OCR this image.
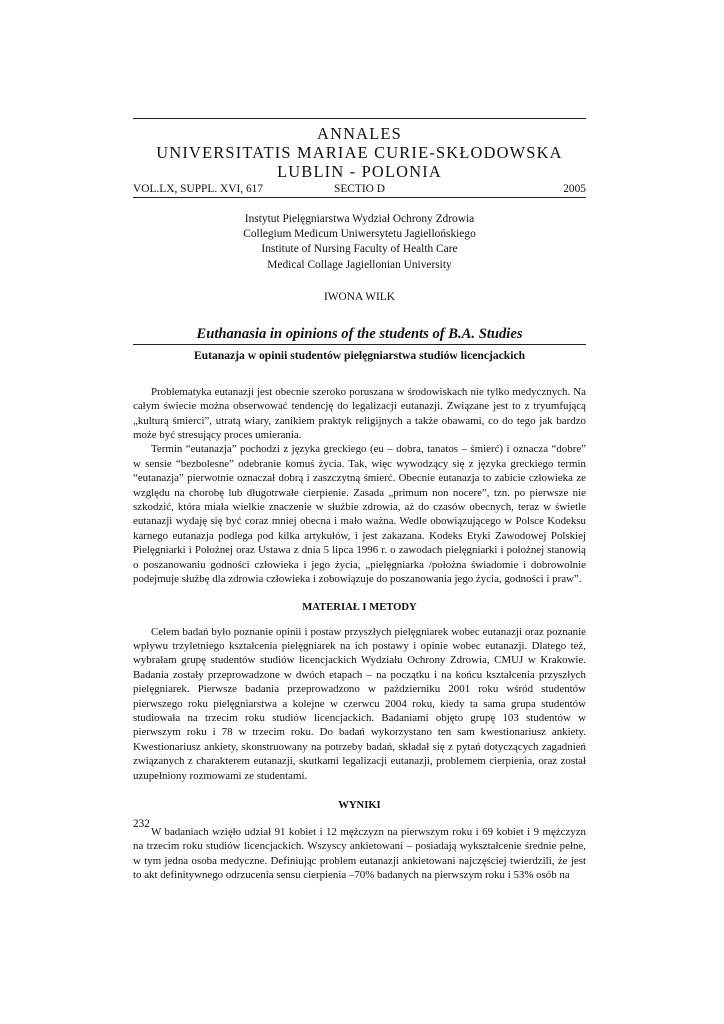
ANNALES
UNIVERSITATIS MARIAE CURIE-SKŁODOWSKA
LUBLIN - POLONIA
VOL.LX, SUPPL. XVI, 617	SECTIO D	2005
Instytut Pielęgniarstwa Wydział Ochrony Zdrowia
Collegium Medicum Uniwersytetu Jagiellońskiego
Institute of Nursing Faculty of Health Care
Medical Collage Jagiellonian University
IWONA WILK
Euthanasia in opinions of the students of B.A. Studies
Eutanazja w opinii studentów pielęgniarstwa studiów licencjackich

Problematyka eutanazji jest obecnie szeroko poruszana w środowiskach nie tylko medycznych. Na całym świecie można obserwować tendencję do legalizacji eutanazji. Związane jest to z tryumfującą „kulturą śmierci”, utratą wiary, zanikiem praktyk religijnych a także obawami, co do tego jak bardzo może być stresujący proces umierania.

Termin “eutanazja” pochodzi z języka greckiego (eu – dobra, tanatos – śmierć) i oznacza “dobre” w sensie “bezbolesne” odebranie komuś życia. Tak, więc wywodzący się z języka greckiego termin “eutanazja” pierwotnie oznaczał dobrą i zaszczytną śmierć. Obecnie eutanazja to zabicie człowieka ze względu na chorobę lub długotrwałe cierpienie. Zasada „primum non nocere”, tzn. po pierwsze nie szkodzić, która miała wielkie znaczenie w służbie zdrowia, aż do czasów obecnych, teraz w świetle eutanazji wydaję się być coraz mniej obecna i mało ważna. Wedle obowiązującego w Polsce Kodeksu karnego eutanazja podlega pod kilka artykułów, i jest zakazana. Kodeks Etyki Zawodowej Polskiej Pielęgniarki i Położnej oraz Ustawa z dnia 5 lipca 1996 r. o zawodach pielęgniarki i położnej stanowią o poszanowaniu godności człowieka i jego życia, „pielęgniarka /położna świadomie i dobrowolnie podejmuje służbę dla zdrowia człowieka i zobowiązuje do poszanowania jego życia, godności i praw”.

MATERIAŁ I METODY

Celem badań było poznanie opinii i postaw przyszłych pielęgniarek wobec eutanazji oraz poznanie wpływu trzyletniego kształcenia pielęgniarek na ich postawy i opinie wobec eutanazji. Dlatego też, wybrałam grupę studentów studiów licencjackich Wydziału Ochrony Zdrowia, CMUJ w Krakowie. Badania zostały przeprowadzone w dwóch etapach – na początku i na końcu kształcenia przyszłych pielęgniarek. Pierwsze badania przeprowadzono w październiku 2001 roku wśród studentów pierwszego roku pielęgniarstwa a kolejne w czerwcu 2004 roku, kiedy ta sama grupa studentów studiowała na trzecim roku studiów licencjackich. Badaniami objęto grupę 103 studentów w pierwszym roku i 78 w trzecim roku. Do badań wykorzystano ten sam kwestionariusz ankiety. Kwestionariusz ankiety, skonstruowany na potrzeby badań, składał się z pytań dotyczących zagadnień związanych z charakterem eutanazji, skutkami legalizacji eutanazji, problemem cierpienia, oraz został uzupełniony rozmowami ze studentami.

WYNIKI

W badaniach wzięło udział 91 kobiet i 12 mężczyzn na pierwszym roku i 69 kobiet i 9 mężczyzn na trzecim roku studiów licencjackich. Wszyscy ankietowani – posiadają wykształcenie średnie pełne, w tym jedna osoba medyczne. Definiując problem eutanazji ankietowani najczęściej twierdzili, że jest to akt definitywnego odrzucenia sensu cierpienia –70% badanych na pierwszym roku i 53% osób na

232
